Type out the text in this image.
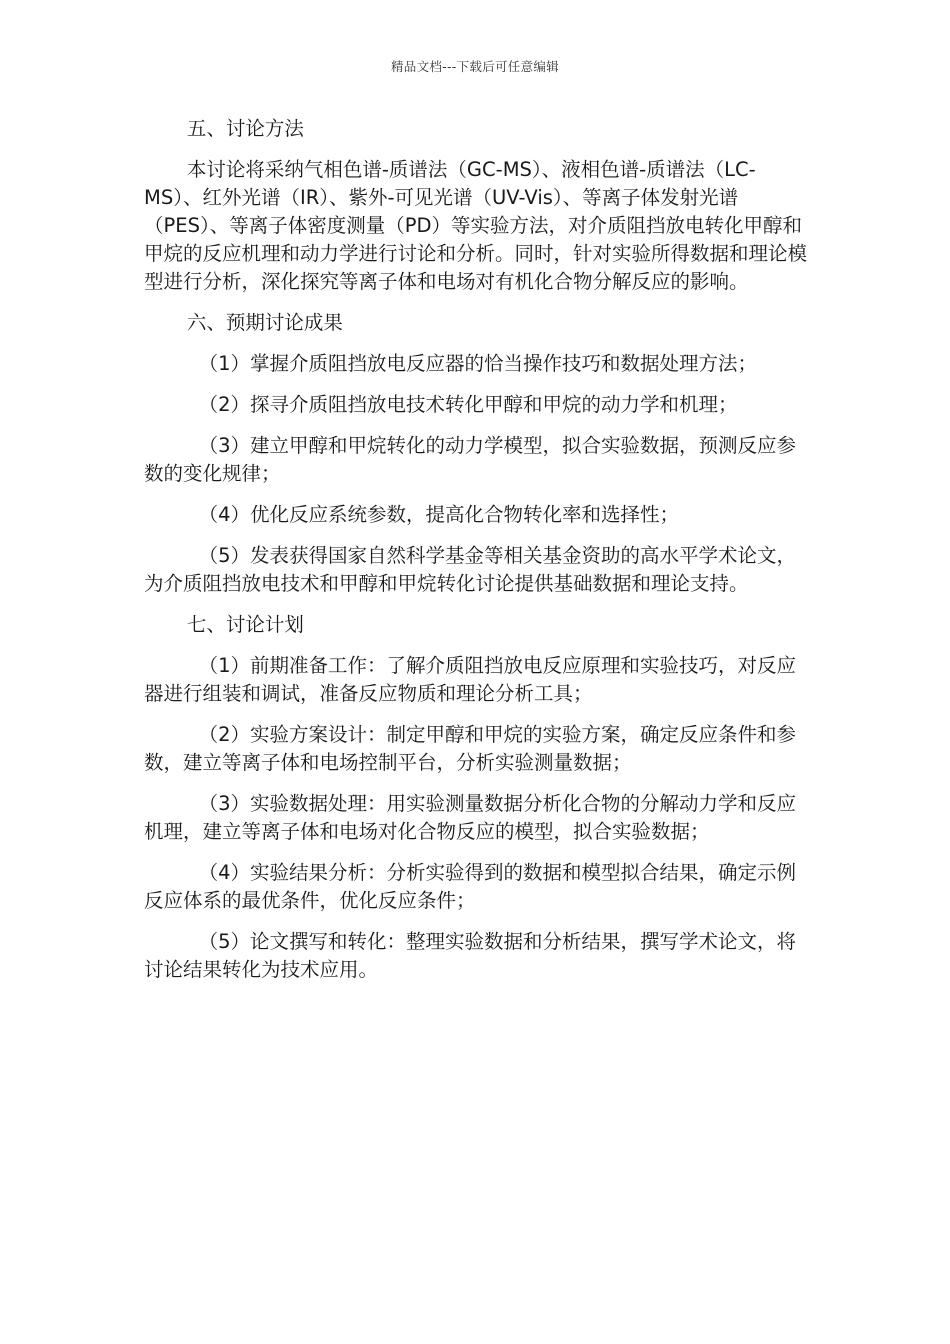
精品文档---下载后可任意编辑

五、讨论方法

本讨论将采纳气相色谱-质谱法（GC-MS）、液相色谱-质谱法（LC-MS）、红外光谱（IR）、紫外-可见光谱（UV-Vis）、等离子体发射光谱（PES）、等离子体密度测量（PD）等实验方法，对介质阻挡放电转化甲醇和甲烷的反应机理和动力学进行讨论和分析。同时，针对实验所得数据和理论模型进行分析，深化探究等离子体和电场对有机化合物分解反应的影响。

六、预期讨论成果

（1）掌握介质阻挡放电反应器的恰当操作技巧和数据处理方法；

（2）探寻介质阻挡放电技术转化甲醇和甲烷的动力学和机理；

（3）建立甲醇和甲烷转化的动力学模型，拟合实验数据，预测反应参数的变化规律；

（4）优化反应系统参数，提高化合物转化率和选择性；

（5）发表获得国家自然科学基金等相关基金资助的高水平学术论文，为介质阻挡放电技术和甲醇和甲烷转化讨论提供基础数据和理论支持。

七、讨论计划

（1）前期准备工作：了解介质阻挡放电反应原理和实验技巧，对反应器进行组装和调试，准备反应物质和理论分析工具；

（2）实验方案设计：制定甲醇和甲烷的实验方案，确定反应条件和参数，建立等离子体和电场控制平台，分析实验测量数据；

（3）实验数据处理：用实验测量数据分析化合物的分解动力学和反应机理，建立等离子体和电场对化合物反应的模型，拟合实验数据；

（4）实验结果分析：分析实验得到的数据和模型拟合结果，确定示例反应体系的最优条件，优化反应条件；

（5）论文撰写和转化：整理实验数据和分析结果，撰写学术论文，将讨论结果转化为技术应用。
